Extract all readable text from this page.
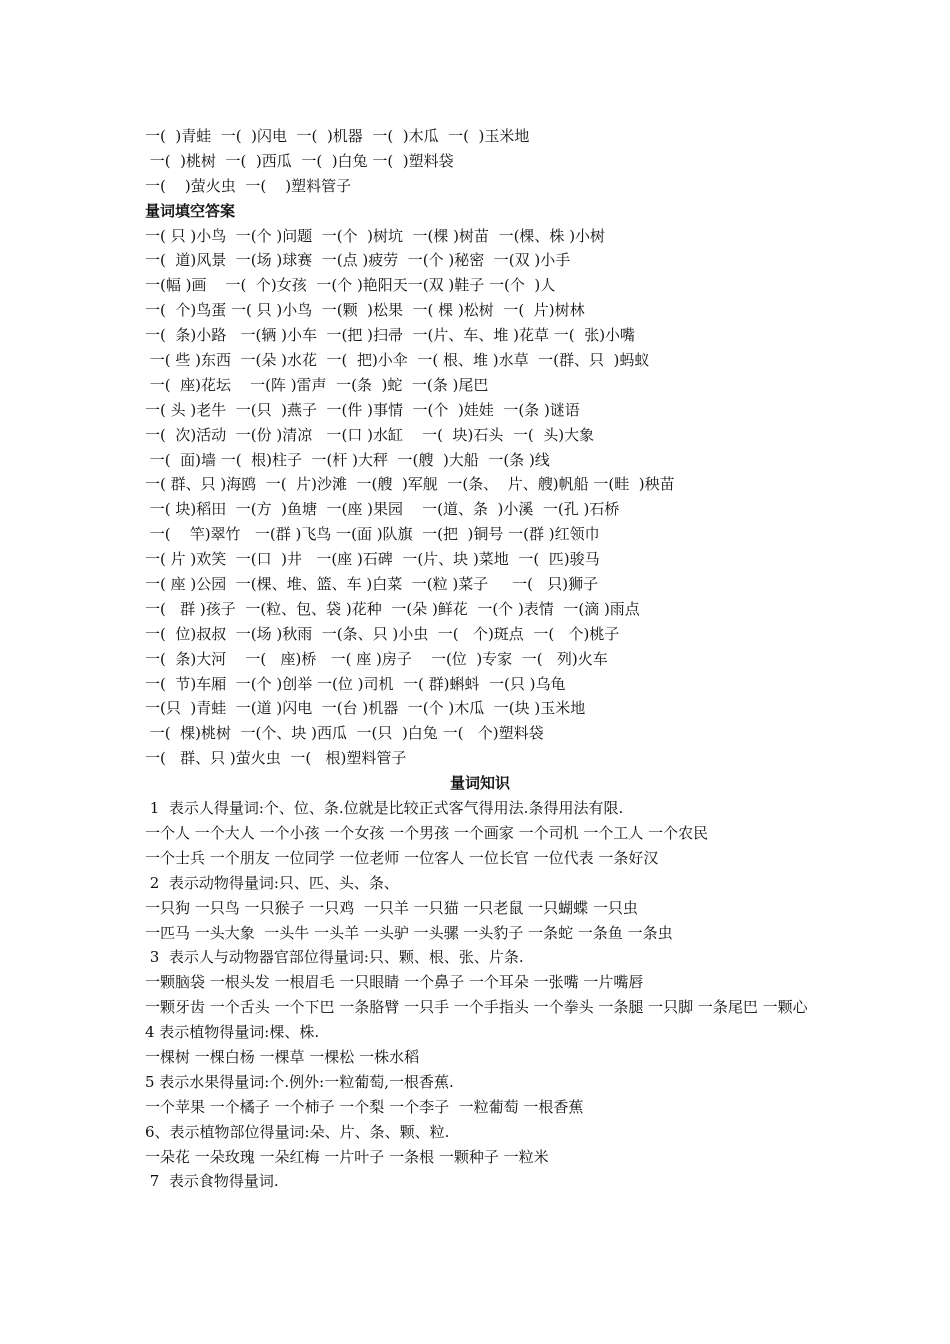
一(  )青蛙  一(  )闪电  一(  )机器  一(  )木瓜  一(  )玉米地
一(  )桃树  一(  )西瓜  一(  )白兔 一(  )塑料袋
一(    )萤火虫  一(    )塑料管子
量词填空答案
一( 只 )小鸟  一(个 )问题  一(个  )树坑  一(棵 )树苗  一(棵、株 )小树
一(  道)风景  一(场 )球赛  一(点 )疲劳  一(个 )秘密  一(双 )小手
一(幅 )画    一(  个)女孩  一(个 )艳阳天一(双 )鞋子 一(个  )人
一(  个)鸟蛋 一( 只 )小鸟  一(颗  )松果  一( 棵 )松树  一(  片)树林
一(  条)小路   一(辆 )小车  一(把 )扫帚  一(片、车、堆 )花草 一(  张)小嘴
一( 些 )东西  一(朵 )水花  一(  把)小伞  一( 根、堆 )水草  一(群、只  )蚂蚁
一(  座)花坛    一(阵 )雷声  一(条  )蛇  一(条 )尾巴
一( 头 )老牛  一(只  )燕子  一(件 )事情  一(个  )娃娃  一(条 )谜语
一(  次)活动  一(份 )清凉   一(口 )水缸    一(  块)石头  一(  头)大象
一(  面)墙 一(  根)柱子  一(杆 )大秤  一(艘  )大船  一(条 )线
一( 群、只 )海鸥  一(  片)沙滩  一(艘  )军舰  一(条、  片、艘)帆船 一(畦  )秧苗
一( 块)稻田  一(方  )鱼塘  一(座 )果园    一(道、条  )小溪  一(孔 )石桥
一(    竿)翠竹   一(群 )飞鸟 一(面 )队旗  一(把  )铜号 一(群 )红领巾
一( 片 )欢笑  一(口  )井   一(座 )石碑  一(片、块 )菜地  一(  匹)骏马
一( 座 )公园  一(棵、堆、篮、车 )白菜  一(粒 )菜子     一(   只)狮子
一(   群 )孩子  一(粒、包、袋 )花种  一(朵 )鲜花  一(个 )表情  一(滴 )雨点
一(  位)叔叔  一(场 )秋雨  一(条、只 )小虫  一(   个)斑点  一(   个)桃子
一(  条)大河    一(   座)桥   一( 座 )房子    一(位  )专家  一(   列)火车
一(  节)车厢  一(个 )创举 一(位 )司机  一( 群)蝌蚪  一(只 )乌龟
一(只  )青蛙  一(道 )闪电  一(台 )机器  一(个 )木瓜  一(块 )玉米地
一(  棵)桃树  一(个、块 )西瓜  一(只  )白兔 一(   个)塑料袋
一(   群、只 )萤火虫  一(   根)塑料管子
量词知识
1  表示人得量词:个、位、条.位就是比较正式客气得用法.条得用法有限.
一个人 一个大人 一个小孩 一个女孩 一个男孩 一个画家 一个司机 一个工人 一个农民
一个士兵 一个朋友 一位同学 一位老师 一位客人 一位长官 一位代表 一条好汉
2  表示动物得量词:只、匹、头、条、
一只狗 一只鸟 一只猴子 一只鸡  一只羊 一只猫 一只老鼠 一只蝴蝶 一只虫
一匹马 一头大象  一头牛 一头羊 一头驴 一头骡 一头豹子 一条蛇 一条鱼 一条虫
3  表示人与动物器官部位得量词:只、颗、根、张、片条.
一颗脑袋 一根头发 一根眉毛 一只眼睛 一个鼻子 一个耳朵 一张嘴 一片嘴唇
一颗牙齿 一个舌头 一个下巴 一条胳臂 一只手 一个手指头 一个拳头 一条腿 一只脚 一条尾巴 一颗心
4 表示植物得量词:棵、株.
一棵树 一棵白杨 一棵草 一棵松 一株水稻
5 表示水果得量词:个.例外:一粒葡萄,一根香蕉.
一个苹果 一个橘子 一个柿子 一个梨 一个李子  一粒葡萄 一根香蕉
6、表示植物部位得量词:朵、片、条、颗、粒.
一朵花 一朵玫瑰 一朵红梅 一片叶子 一条根 一颗种子 一粒米
7  表示食物得量词.
